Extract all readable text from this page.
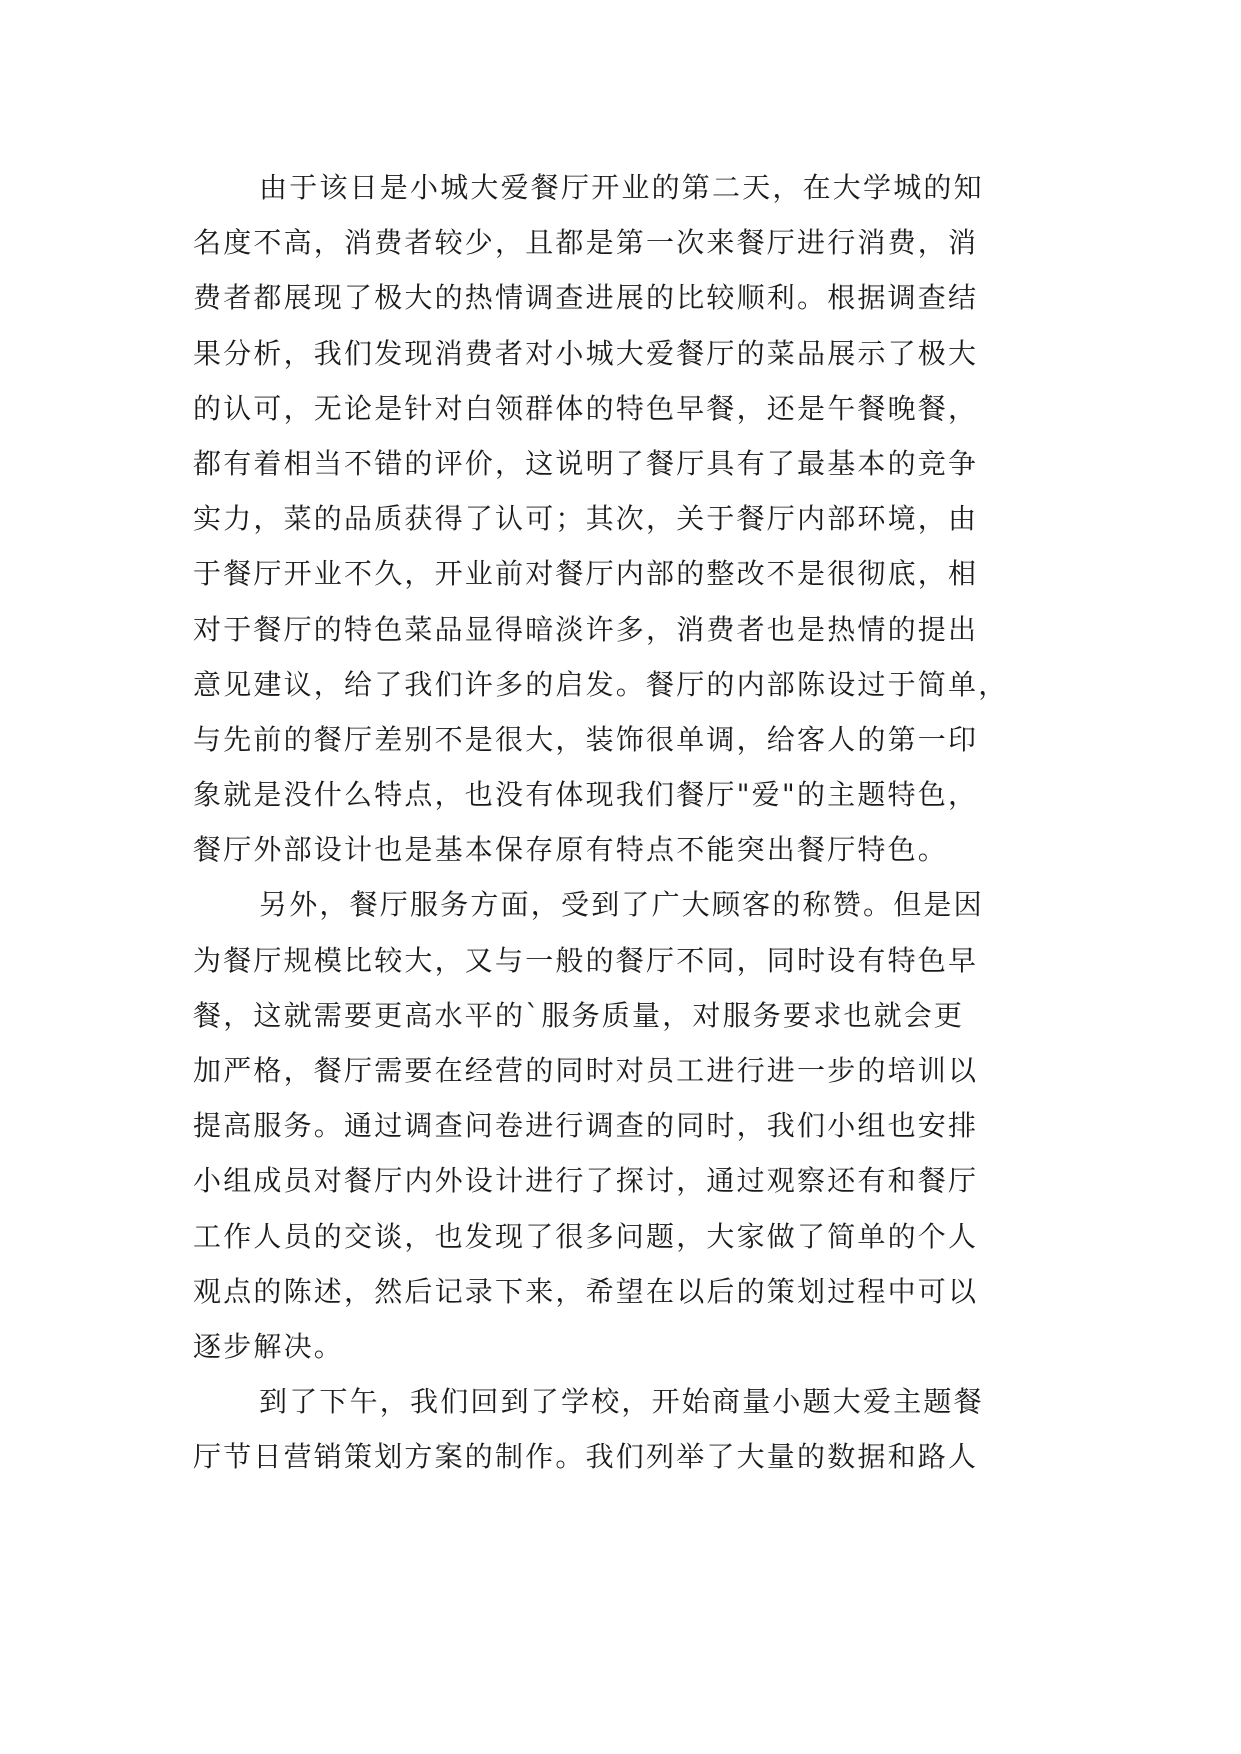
由于该日是小城大爱餐厅开业的第二天，在大学城的知
名度不高，消费者较少，且都是第一次来餐厅进行消费，消
费者都展现了极大的热情调查进展的比较顺利。根据调查结
果分析，我们发现消费者对小城大爱餐厅的菜品展示了极大
的认可，无论是针对白领群体的特色早餐，还是午餐晚餐，
都有着相当不错的评价，这说明了餐厅具有了最基本的竞争
实力，菜的品质获得了认可；其次，关于餐厅内部环境，由
于餐厅开业不久，开业前对餐厅内部的整改不是很彻底，相
对于餐厅的特色菜品显得暗淡许多，消费者也是热情的提出
意见建议，给了我们许多的启发。餐厅的内部陈设过于简单，
与先前的餐厅差别不是很大，装饰很单调，给客人的第一印
象就是没什么特点，也没有体现我们餐厅"爱"的主题特色，
餐厅外部设计也是基本保存原有特点不能突出餐厅特色。
另外，餐厅服务方面，受到了广大顾客的称赞。但是因
为餐厅规模比较大，又与一般的餐厅不同，同时设有特色早
餐，这就需要更高水平的`服务质量，对服务要求也就会更
加严格，餐厅需要在经营的同时对员工进行进一步的培训以
提高服务。通过调查问卷进行调查的同时，我们小组也安排
小组成员对餐厅内外设计进行了探讨，通过观察还有和餐厅
工作人员的交谈，也发现了很多问题，大家做了简单的个人
观点的陈述，然后记录下来，希望在以后的策划过程中可以
逐步解决。
到了下午，我们回到了学校，开始商量小题大爱主题餐
厅节日营销策划方案的制作。我们列举了大量的数据和路人
